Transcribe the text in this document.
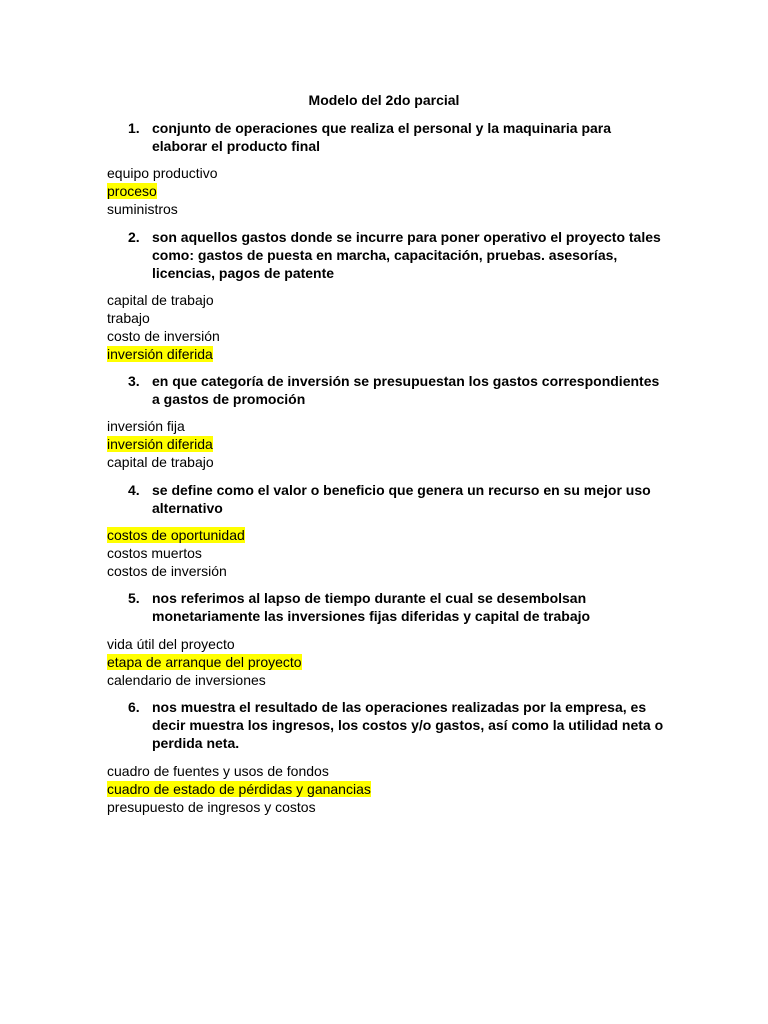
Modelo del 2do parcial
1. conjunto de operaciones que realiza el personal y la maquinaria para elaborar el producto final
equipo productivo
proceso
suministros
2. son aquellos gastos donde se incurre para poner operativo el proyecto tales como: gastos de puesta en marcha, capacitación, pruebas. asesorías, licencias, pagos de patente
capital de trabajo
trabajo
costo de inversión
inversión diferida
3. en que categoría de inversión se presupuestan los gastos correspondientes a gastos de promoción
inversión fija
inversión diferida
capital de trabajo
4. se define como el valor o beneficio que genera un recurso en su mejor uso alternativo
costos de oportunidad
costos muertos
costos de inversión
5. nos referimos al lapso de tiempo durante el cual se desembolsan monetariamente las inversiones fijas diferidas y capital de trabajo
vida útil del proyecto
etapa de arranque del proyecto
calendario de inversiones
6. nos muestra el resultado de las operaciones realizadas por la empresa, es decir muestra los ingresos, los costos y/o gastos, así como la utilidad neta o perdida neta.
cuadro de fuentes y usos de fondos
cuadro de estado de pérdidas y ganancias
presupuesto de ingresos y costos
